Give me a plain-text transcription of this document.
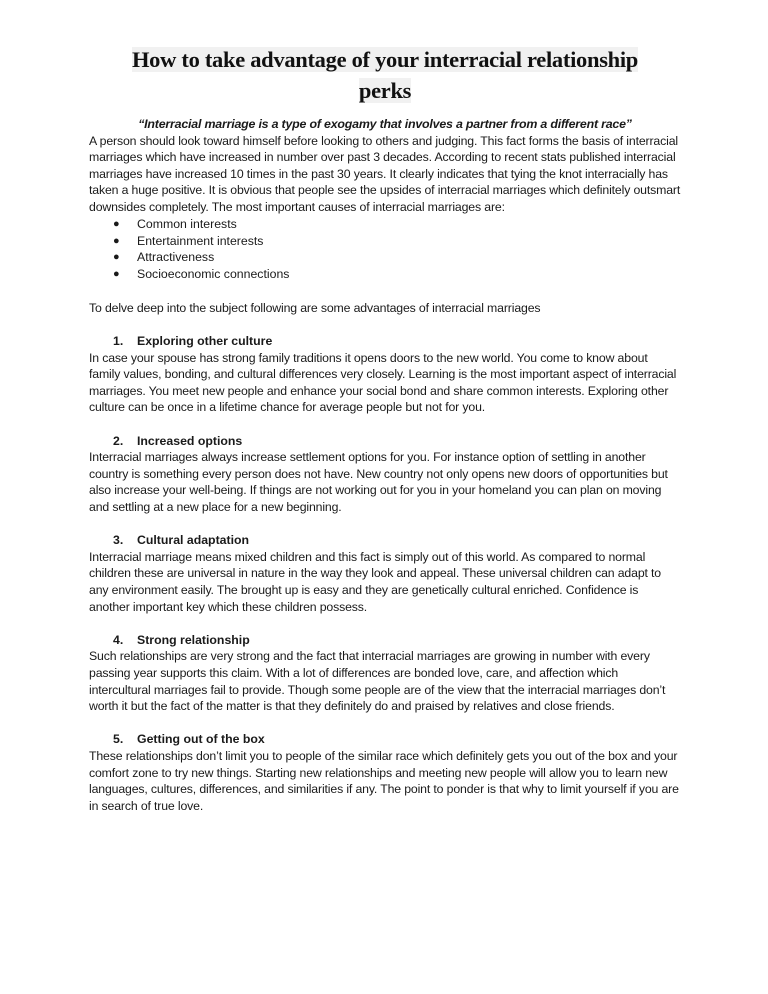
How to take advantage of your interracial relationship
perks
“Interracial marriage is a type of exogamy that involves a partner from a different race”

A person should look toward himself before looking to others and judging. This fact forms the basis of interracial marriages which have increased in number over past 3 decades. According to recent stats published interracial marriages have increased 10 times in the past 30 years. It clearly indicates that tying the knot interracially has taken a huge positive. It is obvious that people see the upsides of interracial marriages which definitely outsmart downsides completely. The most important causes of interracial marriages are:

● Common interests
● Entertainment interests
● Attractiveness
● Socioeconomic connections

To delve deep into the subject following are some advantages of interracial marriages

1. Exploring other culture

In case your spouse has strong family traditions it opens doors to the new world. You come to know about family values, bonding, and cultural differences very closely. Learning is the most important aspect of interracial marriages. You meet new people and enhance your social bond and share common interests. Exploring other culture can be once in a lifetime chance for average people but not for you.

2. Increased options

Interracial marriages always increase settlement options for you. For instance option of settling in another country is something every person does not have. New country not only opens new doors of opportunities but also increase your well-being. If things are not working out for you in your homeland you can plan on moving and settling at a new place for a new beginning.

3. Cultural adaptation

Interracial marriage means mixed children and this fact is simply out of this world. As compared to normal children these are universal in nature in the way they look and appeal. These universal children can adapt to any environment easily. The brought up is easy and they are genetically cultural enriched. Confidence is another important key which these children possess.

4. Strong relationship

Such relationships are very strong and the fact that interracial marriages are growing in number with every passing year supports this claim. With a lot of differences are bonded love, care, and affection which intercultural marriages fail to provide. Though some people are of the view that the interracial marriages don’t worth it but the fact of the matter is that they definitely do and praised by relatives and close friends.

5. Getting out of the box

These relationships don’t limit you to people of the similar race which definitely gets you out of the box and your comfort zone to try new things. Starting new relationships and meeting new people will allow you to learn new languages, cultures, differences, and similarities if any. The point to ponder is that why to limit yourself if you are in search of true love.
